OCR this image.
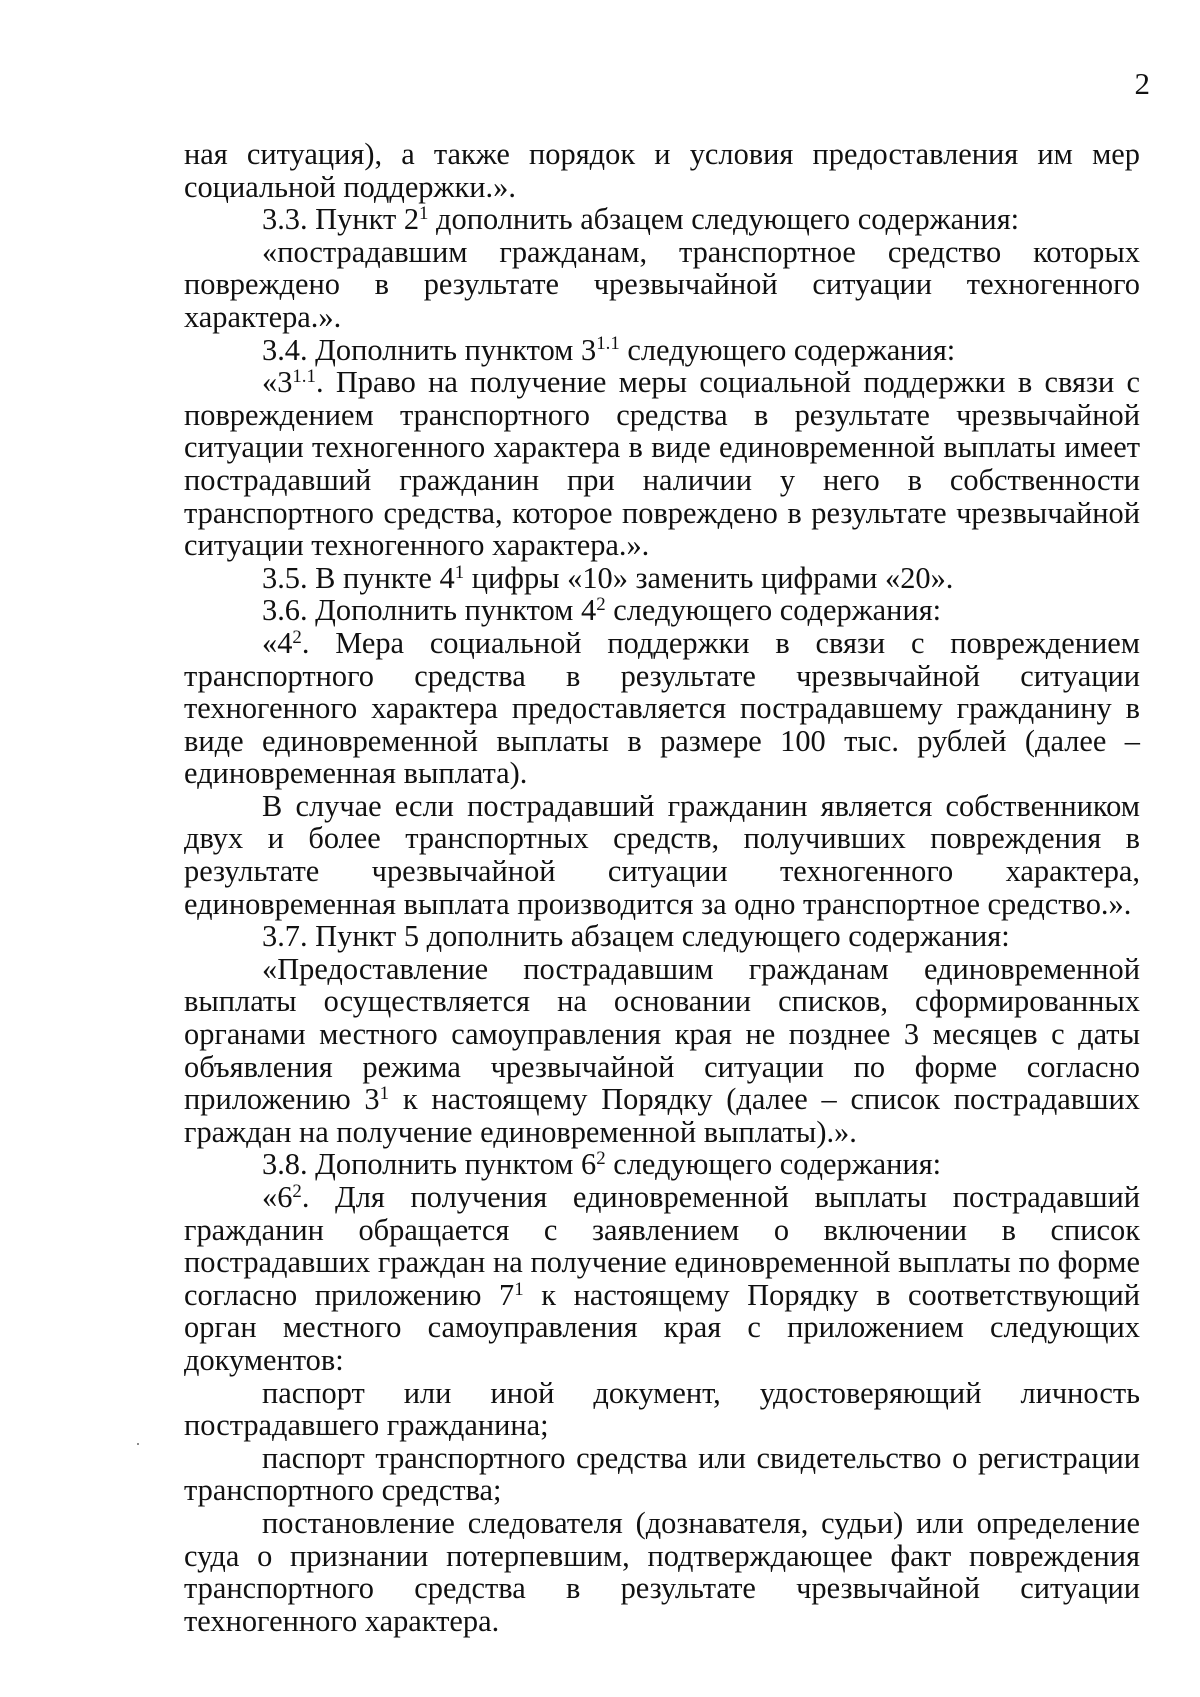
2

ная ситуация), а также порядок и условия предоставления им мер социальной поддержки.».

3.3. Пункт $2^1$ дополнить абзацем следующего содержания:

«пострадавшим гражданам, транспортное средство которых повреждено в результате чрезвычайной ситуации техногенного характера.».

3.4. Дополнить пунктом $3^{1.1}$ следующего содержания:

«$3^{1.1}$. Право на получение меры социальной поддержки в связи с повреждением транспортного средства в результате чрезвычайной ситуации техногенного характера в виде единовременной выплаты имеет пострадавший гражданин при наличии у него в собственности транспортного средства, которое повреждено в результате чрезвычайной ситуации техногенного характера.».

3.5. В пункте $4^1$ цифры «10» заменить цифрами «20».

3.6. Дополнить пунктом $4^2$ следующего содержания:

«$4^2$. Мера социальной поддержки в связи с повреждением транспортного средства в результате чрезвычайной ситуации техногенного характера предоставляется пострадавшему гражданину в виде единовременной выплаты в размере 100 тыс. рублей (далее – единовременная выплата).

В случае если пострадавший гражданин является собственником двух и более транспортных средств, получивших повреждения в результате чрезвычайной ситуации техногенного характера, единовременная выплата производится за одно транспортное средство.».

3.7. Пункт 5 дополнить абзацем следующего содержания:

«Предоставление пострадавшим гражданам единовременной выплаты осуществляется на основании списков, сформированных органами местного самоуправления края не позднее 3 месяцев с даты объявления режима чрезвычайной ситуации по форме согласно приложению $3^1$ к настоящему Порядку (далее – список пострадавших граждан на получение единовременной выплаты).».

3.8. Дополнить пунктом $6^2$ следующего содержания:

«$6^2$. Для получения единовременной выплаты пострадавший гражданин обращается с заявлением о включении в список пострадавших граждан на получение единовременной выплаты по форме согласно приложению $7^1$ к настоящему Порядку в соответствующий орган местного самоуправления края с приложением следующих документов:

паспорт или иной документ, удостоверяющий личность пострадавшего гражданина;

паспорт транспортного средства или свидетельство о регистрации транспортного средства;

постановление следователя (дознавателя, судьи) или определение суда о признании потерпевшим, подтверждающее факт повреждения транспортного средства в результате чрезвычайной ситуации техногенного характера.
